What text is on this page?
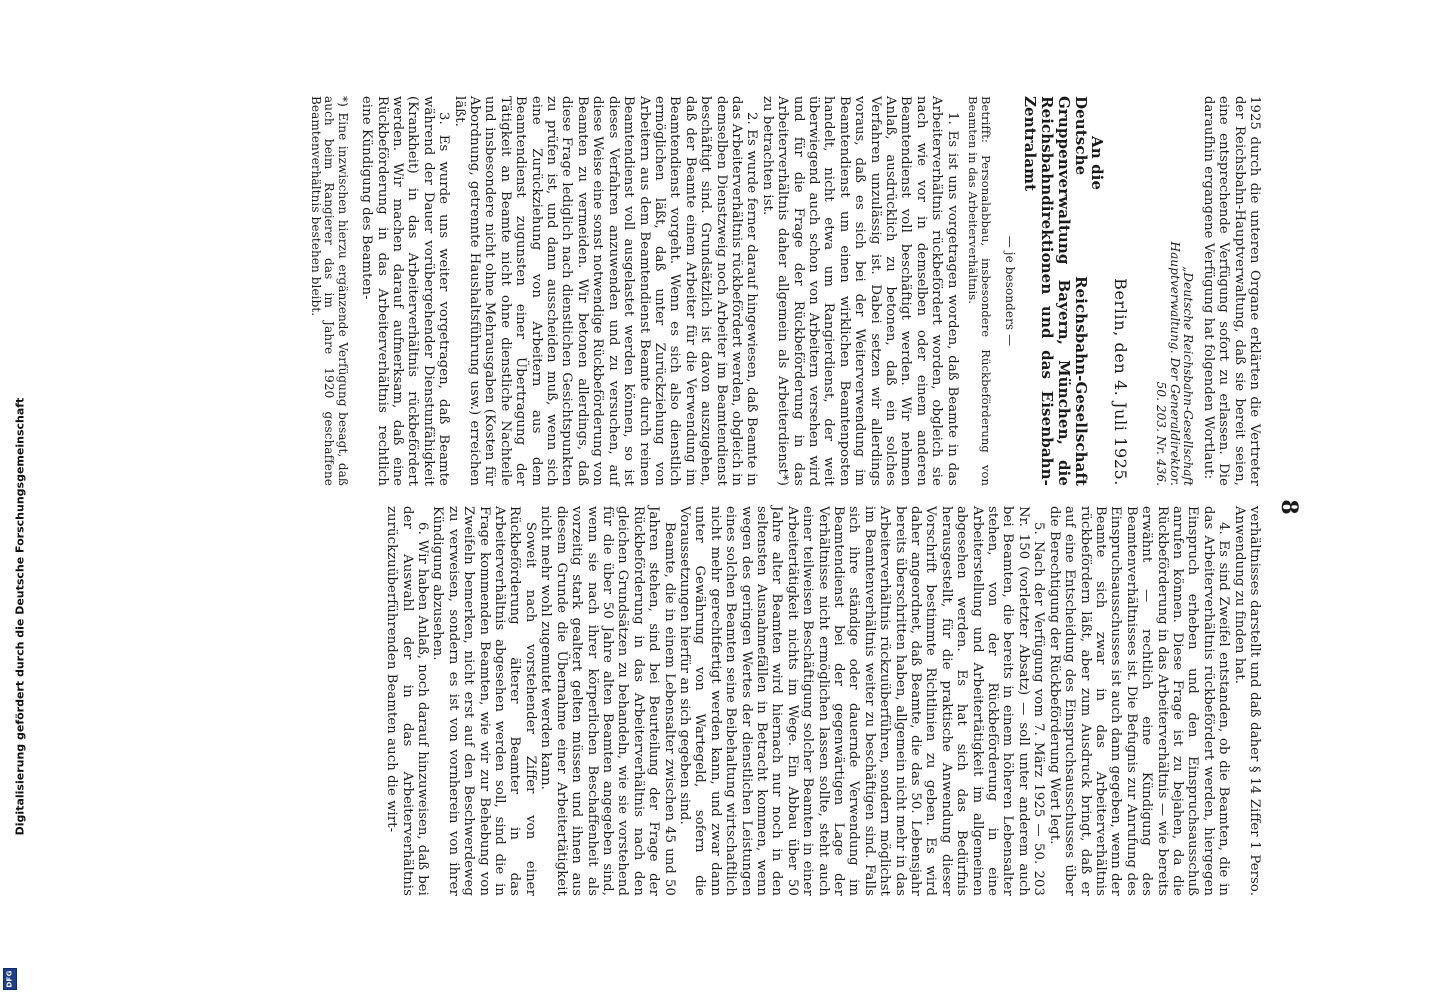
Digitalisierung gefördert durch die Deutsche Forschungsgemeinschaft
DFG
8

1925 durch die unteren Organe erklärten die Vertreter der Reichsbahn-Hauptverwaltung, daß sie bereit seien, eine entsprechende Verfügung sofort zu erlassen. Die daraufhin ergangene Verfügung hat folgenden Wortlaut:

„Deutsche Reichsbahn-Gesellschaft
Hauptverwaltung. Der Generaldirektor.
50. 203. Nr. 436.
Berlin, den 4. Juli 1925.
An die
Deutsche Reichsbahn-Gesellschaft Gruppenverwaltung Bayern, München, die Reichsbahndirektionen und das Eisenbahn-Zentralamt
— je besonders —
Betrifft: Personalabbau, insbesondere Rückbeförderung von Beamten in das Arbeiterverhältnis.

1. Es ist uns vorgetragen worden, daß Beamte in das Arbeiterverhältnis rückbefördert worden, obgleich sie nach wie vor in demselben oder einem anderen Beamtendienst voll beschäftigt werden. Wir nehmen Anlaß, ausdrücklich zu betonen, daß ein solches Verfahren unzulässig ist. Dabei setzen wir allerdings voraus, daß es sich bei der Weiterverwendung im Beamtendienst um einen wirklichen Beamtenposten handelt, nicht etwa um Rangierdienst, der weit überwiegend auch schon von Arbeitern versehen wird und für die Frage der Rückbeförderung in das Arbeiterverhältnis daher allgemein als Arbeiterdienst*) zu betrachten ist.

2. Es wurde ferner darauf hingewiesen, daß Beamte in das Arbeiterverhältnis rückbefördert werden, obgleich in demselben Dienstzweig noch Arbeiter im Beamtendienst beschäftigt sind. Grundsätzlich ist davon auszugehen, daß der Beamte einem Arbeiter für die Verwendung im Beamtendienst vorgeht. Wenn es sich also dienstlich ermöglichen läßt, daß unter Zurückziehung von Arbeitern aus dem Beamtendienst Beamte durch reinen Beamtendienst voll ausgelastet werden können, so ist dieses Verfahren anzuwenden und zu versuchen, auf diese Weise eine sonst notwendige Rückbeförderung von Beamten zu vermeiden. Wir betonen allerdings, daß diese Frage lediglich nach dienstlichen Gesichtspunkten zu prüfen ist, und dann ausscheiden muß, wenn sich eine Zurückziehung von Arbeitern aus dem Beamtendienst zugunsten einer Übertragung der Tätigkeit an Beamte nicht ohne dienstliche Nachteile und insbesondere nicht ohne Mehrausgaben (Kosten für Abordnung, getrennte Haushaltsführung usw.) erreichen läßt.

3. Es wurde uns weiter vorgetragen, daß Beamte während der Dauer vorübergehender Dienstunfähigkeit (Krankheit) in das Arbeiterverhältnis rückbefördert werden. Wir machen darauf aufmerksam, daß eine Rückbeförderung in das Arbeiterverhältnis rechtlich eine Kündigung des Beamten-

*) Eine inzwischen hierzu ergänzende Verfügung besagt, daß auch beim Rangierer das im Jahre 1920 geschaffene Beamtenverhältnis bestehen bleibt.

verhältnisses darstellt und daß daher § 14 Ziffer 1 Perso. Anwendung zu finden hat.

4. Es sind Zweifel entstanden, ob die Beamten, die in das Arbeiterverhältnis rückbefördert werden, hiergegen Einspruch erheben und den Einspruchsausschuß anrufen können. Diese Frage ist zu bejahen, da die Rückbeförderung in das Arbeiterverhältnis — wie bereits erwähnt — rechtlich eine Kündigung des Beamtenverhältnisses ist. Die Befugnis zur Anrufung des Einspruchsausschusses ist auch dann gegeben, wenn der Beamte sich zwar in das Arbeiterverhältnis rückbefördern läßt, aber zum Ausdruck bringt, daß er auf eine Entscheidung des Einspruchsausschusses über die Berechtigung der Rückbeförderung Wert legt.

5. Nach der Verfügung vom 7. März 1925 — 50. 203 Nr. 150 (vorletzter Absatz) — soll unter anderem auch bei Beamten, die bereits in einem höheren Lebensalter stehen, von der Rückbeförderung in eine Arbeiterstellung und Arbeitertätigkeit im allgemeinen abgesehen werden. Es hat sich das Bedürfnis herausgestellt, für die praktische Anwendung dieser Vorschrift bestimmte Richtlinien zu geben. Es wird daher angeordnet, daß Beamte, die das 50. Lebensjahr bereits überschritten haben, allgemein nicht mehr in das Arbeiterverhältnis rückzuüberführen, sondern möglichst im Beamtenverhältnis weiter zu beschäftigen sind. Falls sich ihre ständige oder dauernde Verwendung im Beamtendienst bei der gegenwärtigen Lage der Verhältnisse nicht ermöglichen lassen sollte, steht auch einer teilweisen Beschäftigung solcher Beamten in einer Arbeitertätigkeit nichts im Wege. Ein Abbau über 50 Jahre alter Beamten wird hiernach nur noch in den seltensten Ausnahmefällen in Betracht kommen, wenn wegen des geringen Wertes der dienstlichen Leistungen eines solchen Beamten seine Beibehaltung wirtschaftlich nicht mehr gerechtfertigt werden kann, und zwar dann unter Gewährung von Wartegeld, sofern die Voraussetzungen hierfür an sich gegeben sind.

Beamte, die in einem Lebensalter zwischen 45 und 50 Jahren stehen, sind bei Beurteilung der Frage der Rückbeförderung in das Arbeiterverhältnis nach den gleichen Grundsätzen zu behandeln, wie sie vorstehend für die über 50 Jahre alten Beamten angegeben sind, wenn sie nach ihrer körperlichen Beschaffenheit als vorzeitig stark gealtert gelten müssen und ihnen aus diesem Grunde die Übernahme einer Arbeitertätigkeit nicht mehr wohl zugemutet werden kann.

Soweit nach vorstehender Ziffer von einer Rückbeförderung älterer Beamter in das Arbeiterverhältnis abgesehen werden soll, sind die in Frage kommenden Beamten, wie wir zur Behebung von Zweifeln bemerken, nicht erst auf den Beschwerdeweg zu verweisen, sondern es ist von vornherein von ihrer Kündigung abzusehen.

6. Wir haben Anlaß, noch darauf hinzuweisen, daß bei der Auswahl der in das Arbeiterverhältnis zurückzuüberführenden Beamten auch die wirt-
